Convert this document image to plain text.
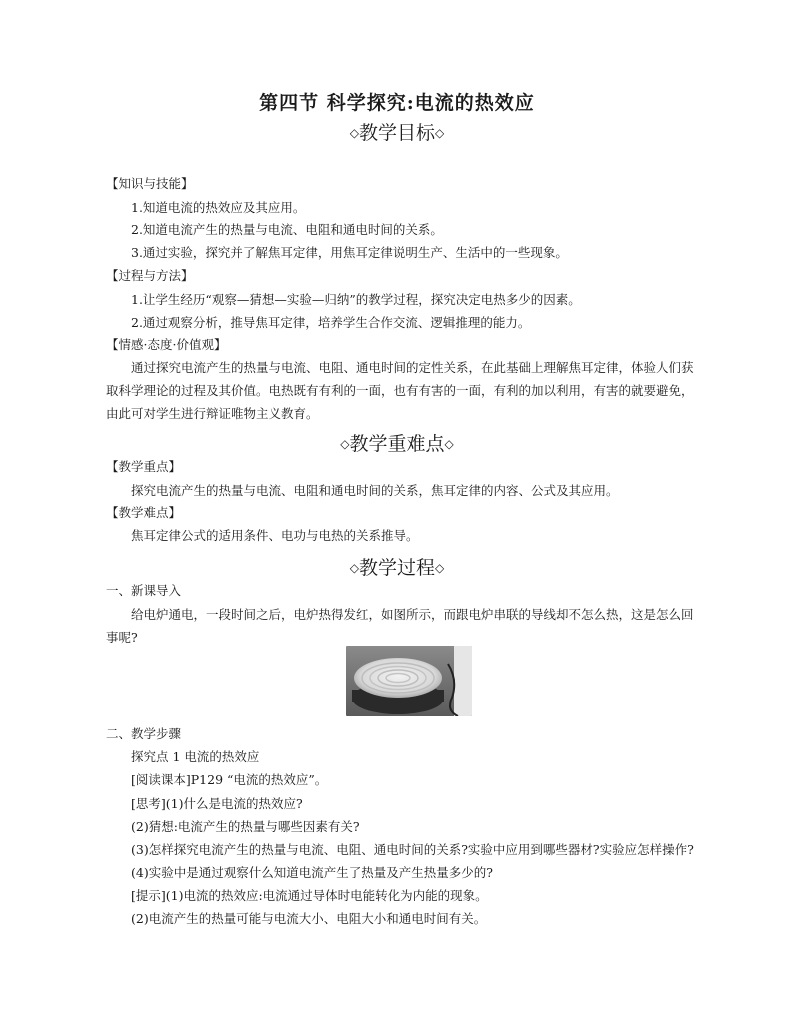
第四节 科学探究:电流的热效应
◇教学目标◇
【知识与技能】
1.知道电流的热效应及其应用。
2.知道电流产生的热量与电流、电阻和通电时间的关系。
3.通过实验，探究并了解焦耳定律，用焦耳定律说明生产、生活中的一些现象。
【过程与方法】
1.让学生经历“观察—猜想—实验—归纳”的教学过程，探究决定电热多少的因素。
2.通过观察分析，推导焦耳定律，培养学生合作交流、逻辑推理的能力。
【情感·态度·价值观】
通过探究电流产生的热量与电流、电阻、通电时间的定性关系，在此基础上理解焦耳定律，体验人们获
取科学理论的过程及其价值。电热既有有利的一面，也有有害的一面，有利的加以利用，有害的就要避免，
由此可对学生进行辩证唯物主义教育。
◇教学重难点◇
【教学重点】
探究电流产生的热量与电流、电阻和通电时间的关系，焦耳定律的内容、公式及其应用。
【教学难点】
焦耳定律公式的适用条件、电功与电热的关系推导。
◇教学过程◇
一、新课导入
给电炉通电，一段时间之后，电炉热得发红，如图所示，而跟电炉串联的导线却不怎么热，这是怎么回
事呢?
二、教学步骤
探究点 1 电流的热效应
[阅读课本]P129 “电流的热效应”。
[思考](1)什么是电流的热效应?
(2)猜想:电流产生的热量与哪些因素有关?
(3)怎样探究电流产生的热量与电流、电阻、通电时间的关系?实验中应用到哪些器材?实验应怎样操作?
(4)实验中是通过观察什么知道电流产生了热量及产生热量多少的?
[提示](1)电流的热效应:电流通过导体时电能转化为内能的现象。
(2)电流产生的热量可能与电流大小、电阻大小和通电时间有关。
